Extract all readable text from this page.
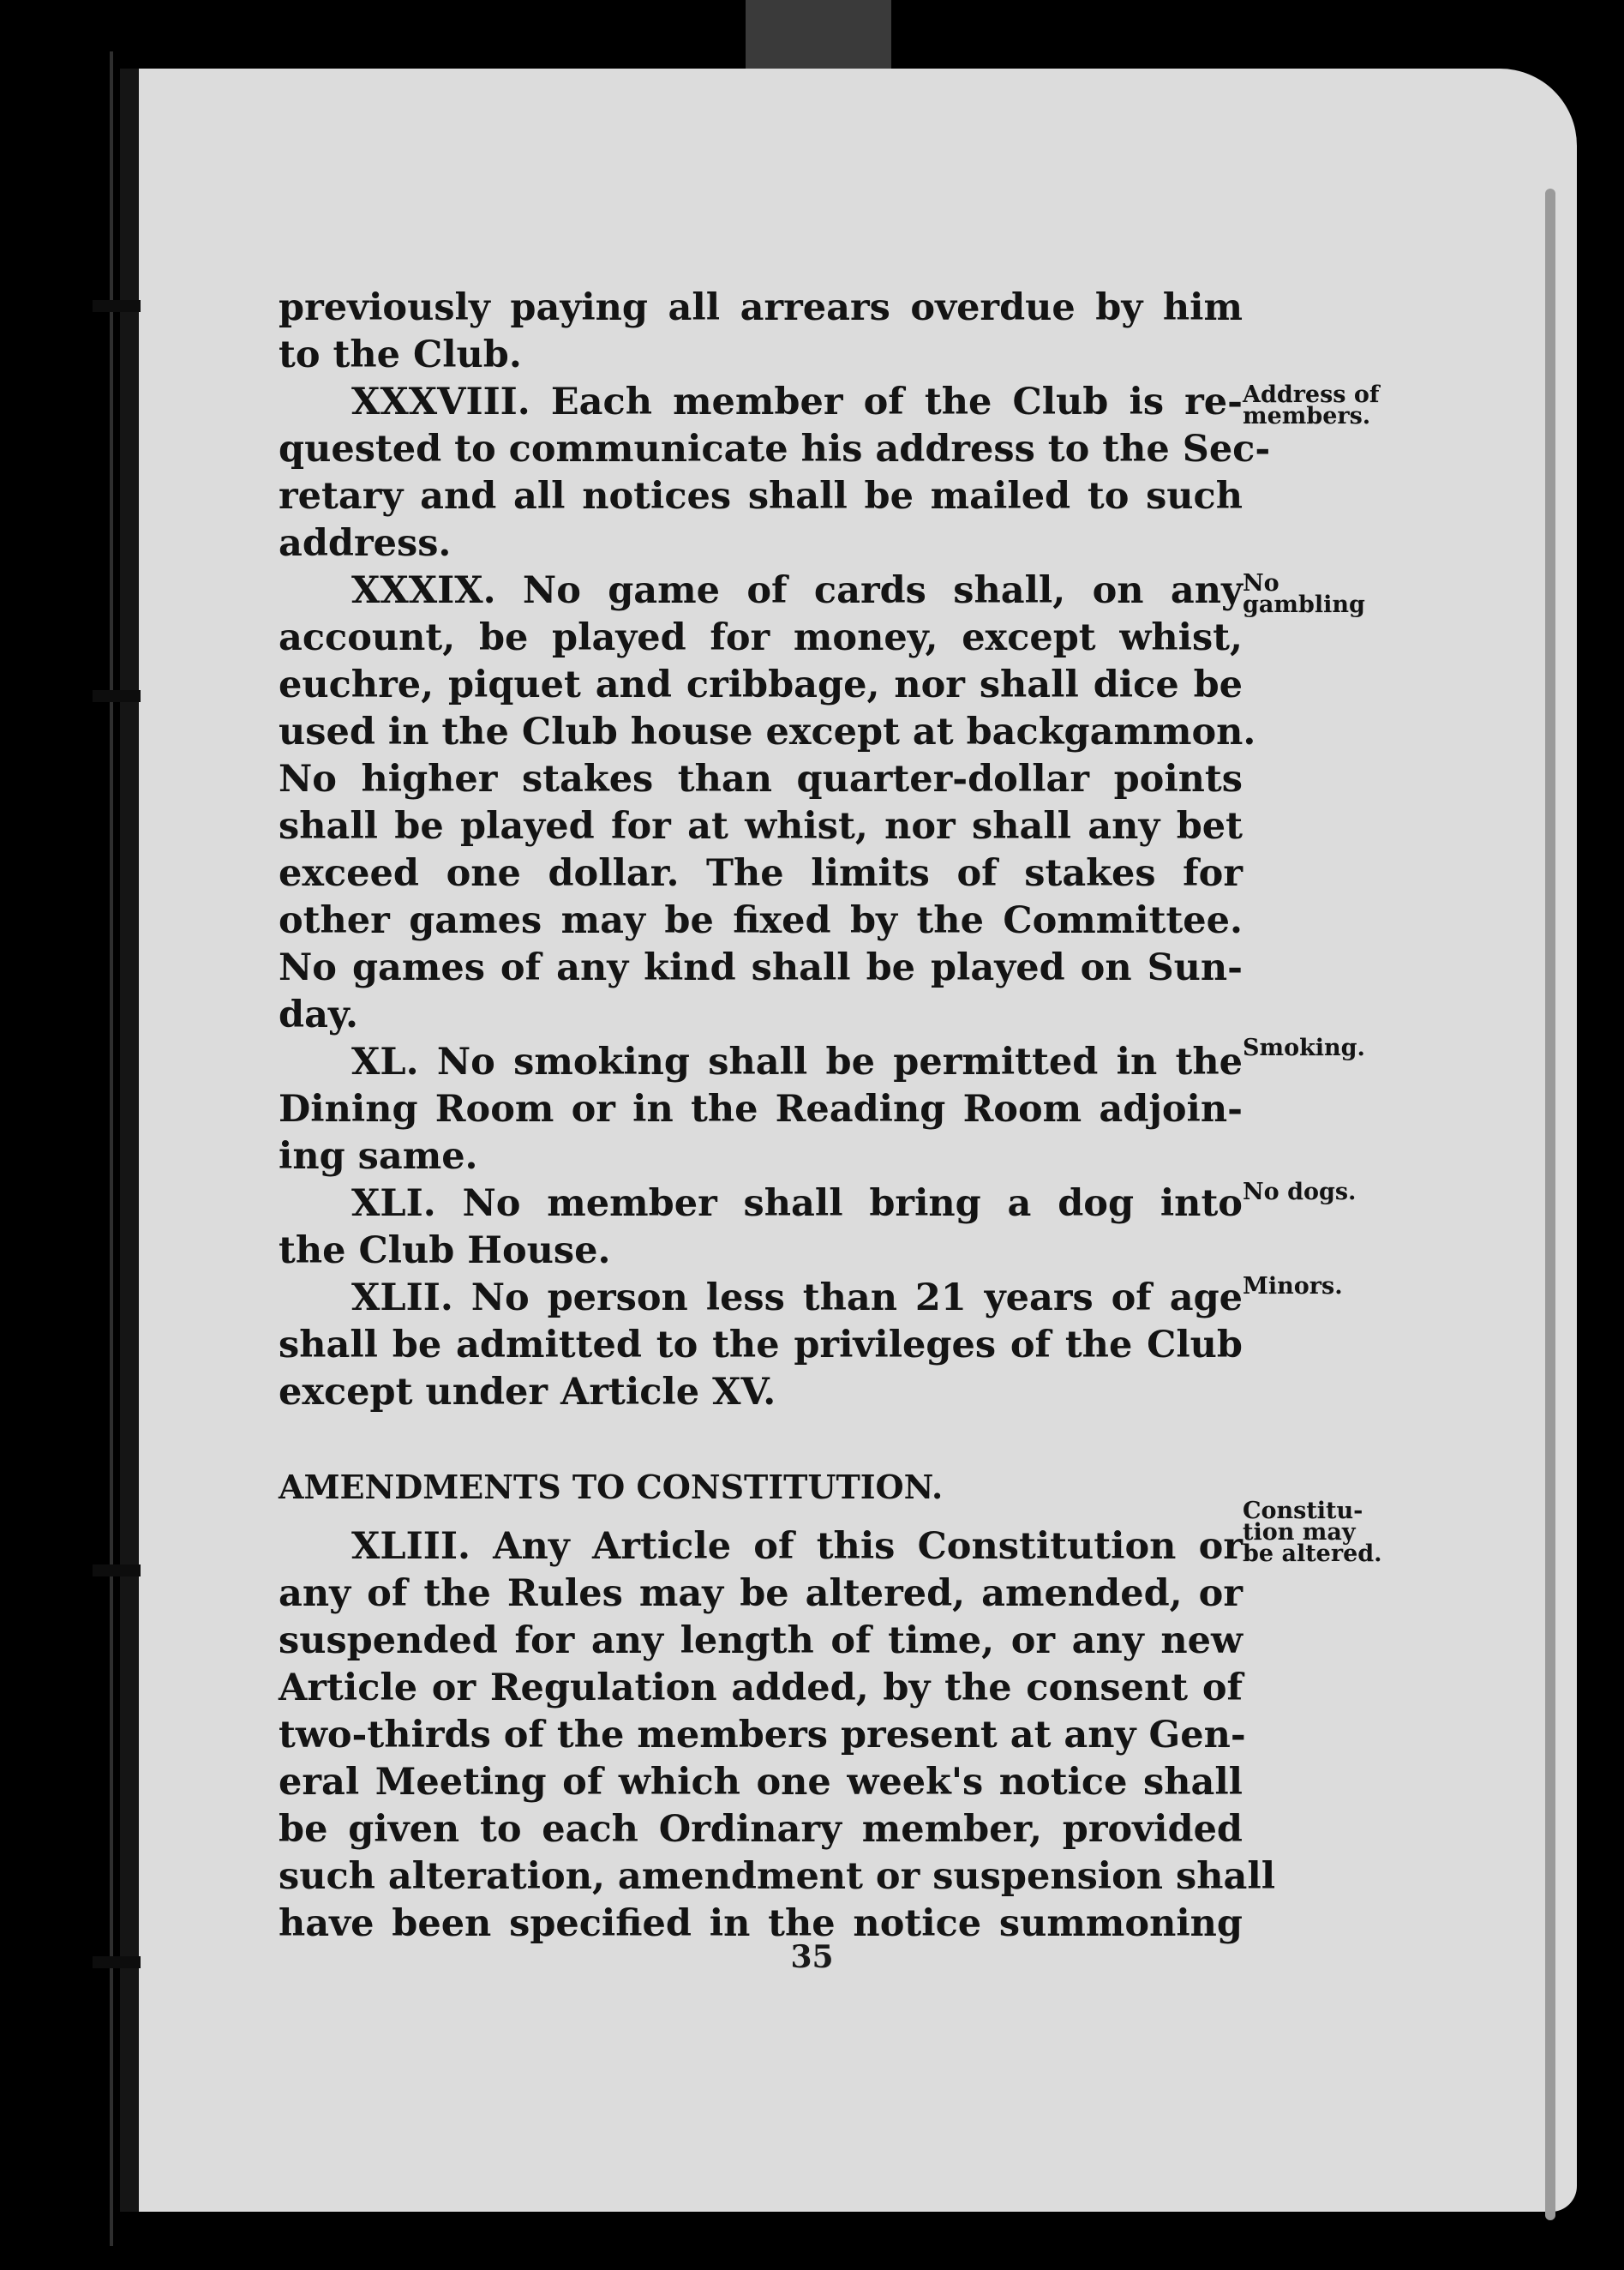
previously paying all arrears overdue by him
to the Club.
XXXVIII. Each member of the Club is re-
quested to communicate his address to the Sec-
retary and all notices shall be mailed to such
address.
XXXIX. No game of cards shall, on any
account, be played for money, except whist,
euchre, piquet and cribbage, nor shall dice be
used in the Club house except at backgammon.
No higher stakes than quarter-dollar points
shall be played for at whist, nor shall any bet
exceed one dollar. The limits of stakes for
other games may be fixed by the Committee.
No games of any kind shall be played on Sun-
day.
XL. No smoking shall be permitted in the
Dining Room or in the Reading Room adjoin-
ing same.
XLI. No member shall bring a dog into
the Club House.
XLII. No person less than 21 years of age
shall be admitted to the privileges of the Club
except under Article XV.
AMENDMENTS TO CONSTITUTION.
XLIII. Any Article of this Constitution or
any of the Rules may be altered, amended, or
suspended for any length of time, or any new
Article or Regulation added, by the consent of
two-thirds of the members present at any Gen-
eral Meeting of which one week's notice shall
be given to each Ordinary member, provided
such alteration, amendment or suspension shall
have been specified in the notice summoning
Address of
members.
No
gambling
Smoking.
No dogs.
Minors.
Constitu-
tion may
be altered.
35
